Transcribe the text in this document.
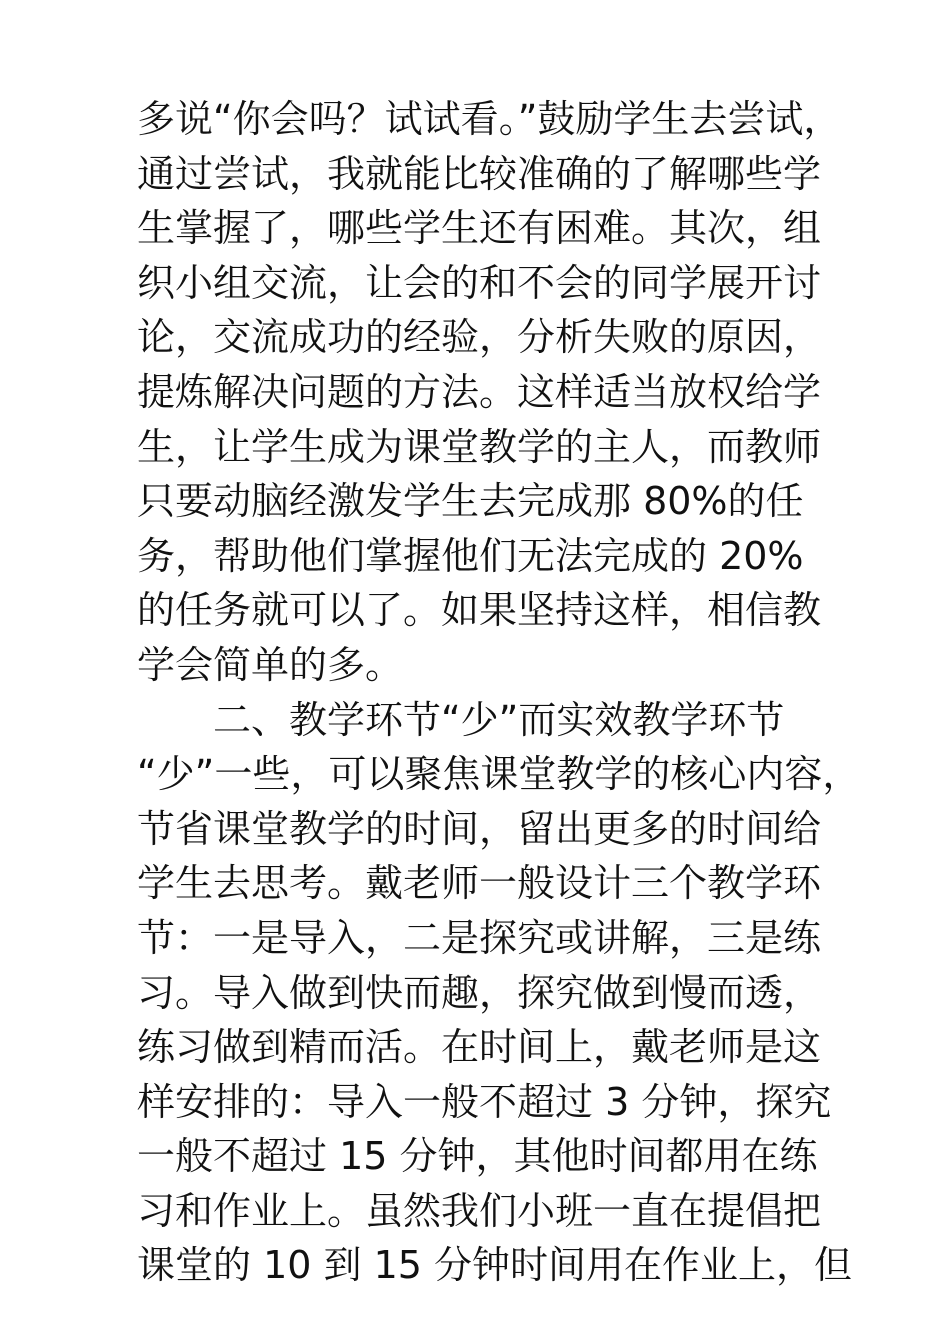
多说“你会吗？试试看。”鼓励学生去尝试，
通过尝试，我就能比较准确的了解哪些学
生掌握了，哪些学生还有困难。其次，组
织小组交流，让会的和不会的同学展开讨
论，交流成功的经验，分析失败的原因，
提炼解决问题的方法。这样适当放权给学
生，让学生成为课堂教学的主人，而教师
只要动脑经激发学生去完成那 80%的任
务，帮助他们掌握他们无法完成的 20%
的任务就可以了。如果坚持这样，相信教
学会简单的多。
二、教学环节“少”而实效教学环节
“少”一些，可以聚焦课堂教学的核心内容，
节省课堂教学的时间，留出更多的时间给
学生去思考。戴老师一般设计三个教学环
节：一是导入，二是探究或讲解，三是练
习。导入做到快而趣，探究做到慢而透，
练习做到精而活。在时间上，戴老师是这
样安排的：导入一般不超过 3 分钟，探究
一般不超过 15 分钟，其他时间都用在练
习和作业上。虽然我们小班一直在提倡把
课堂的 10 到 15 分钟时间用在作业上，但
